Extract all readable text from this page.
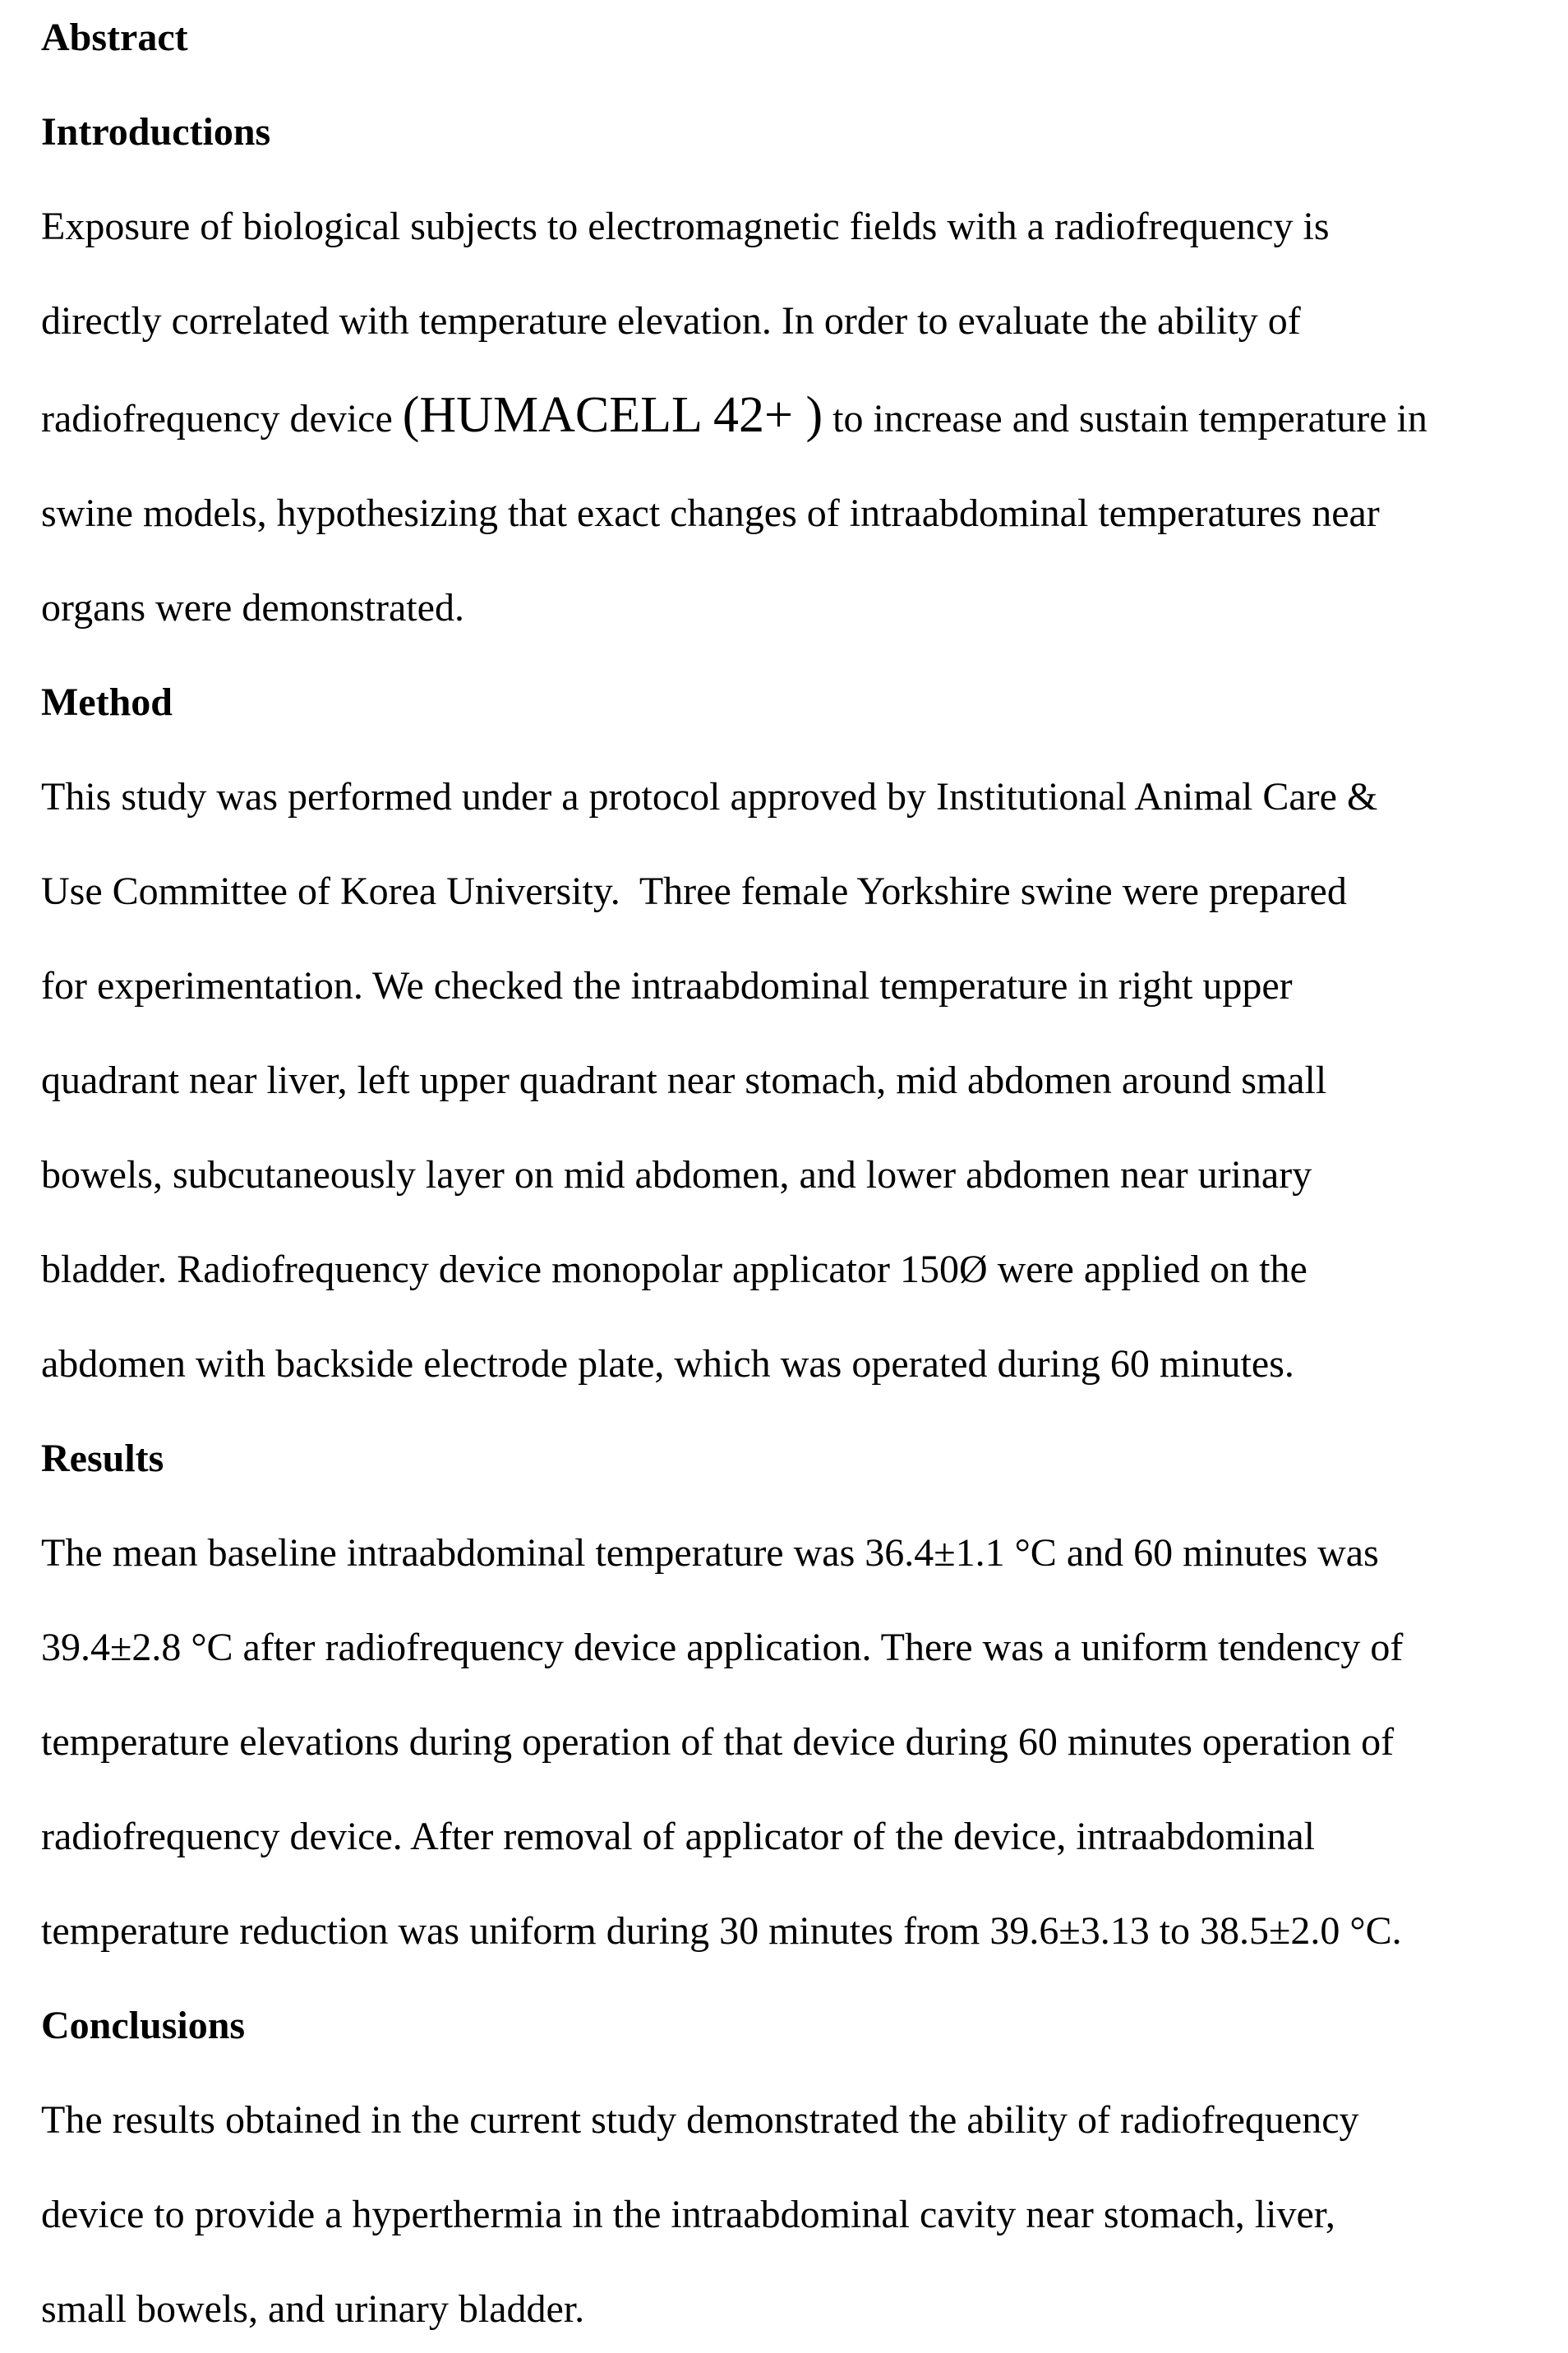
Abstract
Introductions
Exposure of biological subjects to electromagnetic fields with a radiofrequency is
directly correlated with temperature elevation. In order to evaluate the ability of
radiofrequency device (HUMACELL 42+ ) to increase and sustain temperature in
swine models, hypothesizing that exact changes of intraabdominal temperatures near
organs were demonstrated.
Method
This study was performed under a protocol approved by Institutional Animal Care &
Use Committee of Korea University.  Three female Yorkshire swine were prepared
for experimentation. We checked the intraabdominal temperature in right upper
quadrant near liver, left upper quadrant near stomach, mid abdomen around small
bowels, subcutaneously layer on mid abdomen, and lower abdomen near urinary
bladder. Radiofrequency device monopolar applicator 150Ø were applied on the
abdomen with backside electrode plate, which was operated during 60 minutes.
Results
The mean baseline intraabdominal temperature was 36.4±1.1 °C and 60 minutes was
39.4±2.8 °C after radiofrequency device application. There was a uniform tendency of
temperature elevations during operation of that device during 60 minutes operation of
radiofrequency device. After removal of applicator of the device, intraabdominal
temperature reduction was uniform during 30 minutes from 39.6±3.13 to 38.5±2.0 °C.
Conclusions
The results obtained in the current study demonstrated the ability of radiofrequency
device to provide a hyperthermia in the intraabdominal cavity near stomach, liver,
small bowels, and urinary bladder.
